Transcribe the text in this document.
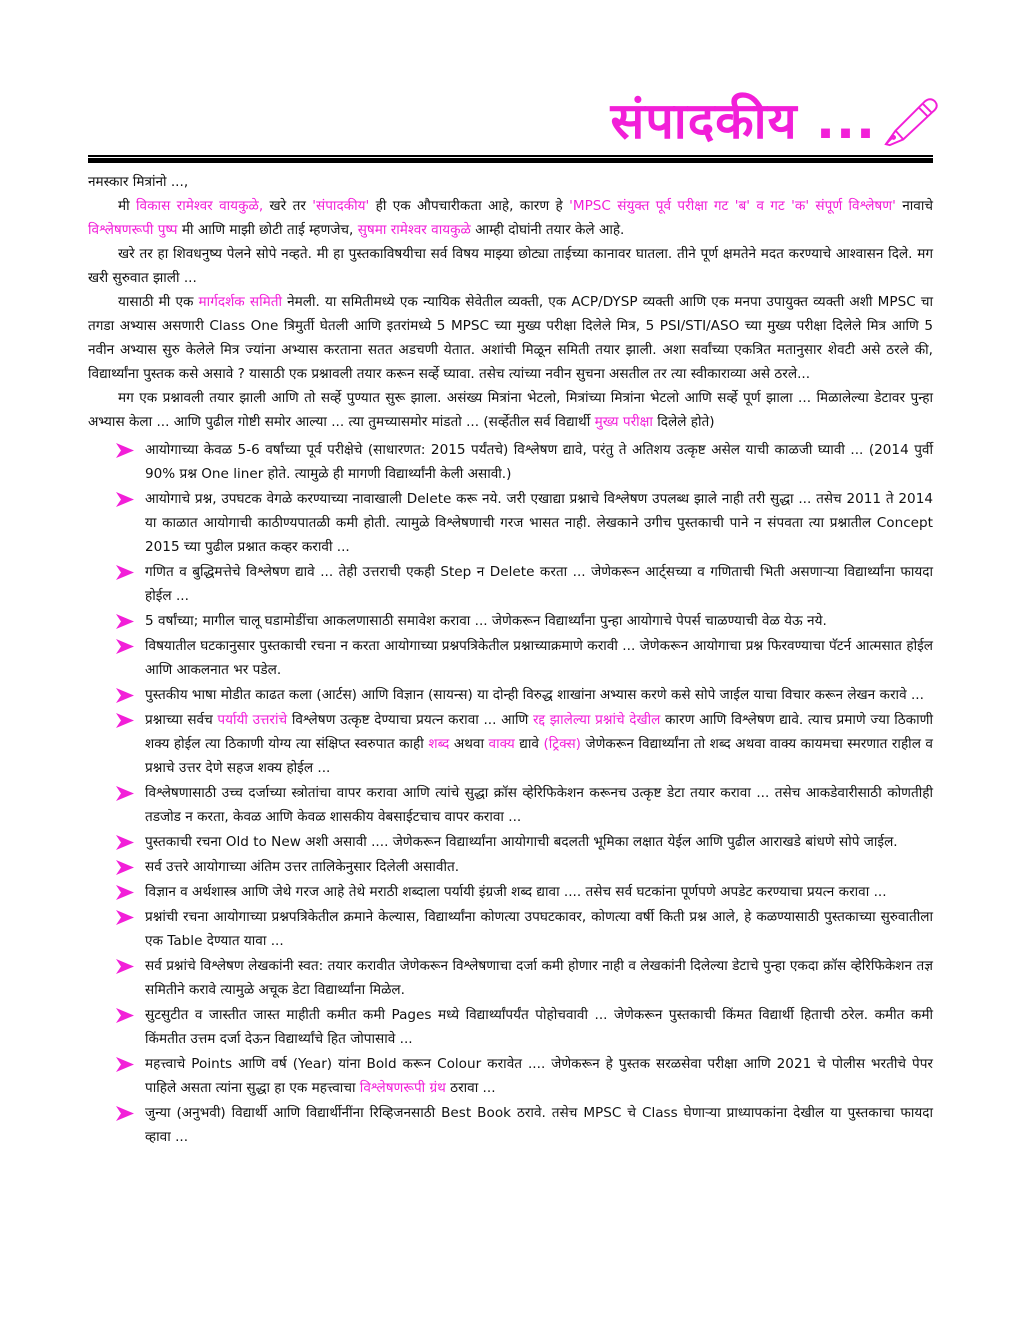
संपादकीय ...

नमस्कार मित्रांनो ...,

मी विकास रामेश्वर वायकुळे, खरे तर 'संपादकीय' ही एक औपचारीकता आहे, कारण हे 'MPSC संयुक्त पूर्व परीक्षा गट 'ब' व गट 'क' संपूर्ण विश्लेषण' नावाचे विश्लेषणरूपी पुष्प मी आणि माझी छोटी ताई म्हणजेच, सुषमा रामेश्वर वायकुळे आम्ही दोघांनी तयार केले आहे.

खरे तर हा शिवधनुष्य पेलने सोपे नव्हते. मी हा पुस्तकाविषयीचा सर्व विषय माझ्या छोट्या ताईच्या कानावर घातला. तीने पूर्ण क्षमतेने मदत करण्याचे आश्वासन दिले. मग खरी सुरुवात झाली ...

यासाठी मी एक मार्गदर्शक समिती नेमली. या समितीमध्ये एक न्यायिक सेवेतील व्यक्ती, एक ACP/DYSP व्यक्ती आणि एक मनपा उपायुक्त व्यक्ती अशी MPSC चा तगडा अभ्यास असणारी Class One त्रिमुर्ती घेतली आणि इतरांमध्ये 5 MPSC च्या मुख्य परीक्षा दिलेले मित्र, 5 PSI/STI/ASO च्या मुख्य परीक्षा दिलेले मित्र आणि 5 नवीन अभ्यास सुरु केलेले मित्र ज्यांना अभ्यास करताना सतत अडचणी येतात. अशांची मिळून समिती तयार झाली. अशा सर्वांच्या एकत्रित मतानुसार शेवटी असे ठरले की, विद्यार्थ्यांना पुस्तक कसे असावे ? यासाठी एक प्रश्नावली तयार करून सर्व्हे घ्यावा. तसेच त्यांच्या नवीन सुचना असतील तर त्या स्वीकाराव्या असे ठरले...

मग एक प्रश्नावली तयार झाली आणि तो सर्व्हे पुण्यात सुरू झाला. असंख्य मित्रांना भेटलो, मित्रांच्या मित्रांना भेटलो आणि सर्व्हे पूर्ण झाला ... मिळालेल्या डेटावर पुन्हा अभ्यास केला ... आणि पुढील गोष्टी समोर आल्या ... त्या तुमच्यासमोर मांडतो ... (सर्व्हेतील सर्व विद्यार्थी मुख्य परीक्षा दिलेले होते)

आयोगाच्या केवळ 5-6 वर्षांच्या पूर्व परीक्षेचे (साधारणत: 2015 पर्यंतचे) विश्लेषण द्यावे, परंतु ते अतिशय उत्कृष्ट असेल याची काळजी घ्यावी ... (2014 पुर्वी 90% प्रश्न One liner होते. त्यामुळे ही मागणी विद्यार्थ्यांनी केली असावी.)
आयोगाचे प्रश्न, उपघटक वेगळे करण्याच्या नावाखाली Delete करू नये. जरी एखाद्या प्रश्नाचे विश्लेषण उपलब्ध झाले नाही तरी सुद्धा ... तसेच 2011 ते 2014 या काळात आयोगाची काठीण्यपातळी कमी होती. त्यामुळे विश्लेषणाची गरज भासत नाही. लेखकाने उगीच पुस्तकाची पाने न संपवता त्या प्रश्नातील Concept 2015 च्या पुढील प्रश्नात कव्हर करावी ...
गणित व बुद्धिमत्तेचे विश्लेषण द्यावे ... तेही उत्तराची एकही Step न Delete करता ... जेणेकरून आर्ट्सच्या व गणिताची भिती असणाऱ्या विद्यार्थ्यांना फायदा होईल ...
5 वर्षांच्या; मागील चालू घडामोडींचा आकलणासाठी समावेश करावा ... जेणेकरून विद्यार्थ्यांना पुन्हा आयोगाचे पेपर्स चाळण्याची वेळ येऊ नये.
विषयातील घटकानुसार पुस्तकाची रचना न करता आयोगाच्या प्रश्नपत्रिकेतील प्रश्नाच्याक्रमाणे करावी ... जेणेकरून आयोगाचा प्रश्न फिरवण्याचा पॅटर्न आत्मसात होईल आणि आकलनात भर पडेल.
पुस्तकीय भाषा मोडीत काढत कला (आर्टस) आणि विज्ञान (सायन्स) या दोन्ही विरुद्ध शाखांना अभ्यास करणे कसे सोपे जाईल याचा विचार करून लेखन करावे ...
प्रश्नाच्या सर्वच पर्यायी उत्तरांचे विश्लेषण उत्कृष्ट देण्याचा प्रयत्न करावा ... आणि रद्द झालेल्या प्रश्नांचे देखील कारण आणि विश्लेषण द्यावे. त्याच प्रमाणे ज्या ठिकाणी शक्य होईल त्या ठिकाणी योग्य त्या संक्षिप्त स्वरुपात काही शब्द अथवा वाक्य द्यावे (ट्रिक्स) जेणेकरून विद्यार्थ्यांना तो शब्द अथवा वाक्य कायमचा स्मरणात राहील व प्रश्नाचे उत्तर देणे सहज शक्य होईल ...
विश्लेषणासाठी उच्च दर्जाच्या स्त्रोतांचा वापर करावा आणि त्यांचे सुद्धा क्रॉस व्हेरिफिकेशन करूनच उत्कृष्ट डेटा तयार करावा ... तसेच आकडेवारीसाठी कोणतीही तडजोड न करता, केवळ आणि केवळ शासकीय वेबसाईटचाच वापर करावा ...
पुस्तकाची रचना Old to New अशी असावी .... जेणेकरून विद्यार्थ्यांना आयोगाची बदलती भूमिका लक्षात येईल आणि पुढील आराखडे बांधणे सोपे जाईल.
सर्व उत्तरे आयोगाच्या अंतिम उत्तर तालिकेनुसार दिलेली असावीत.
विज्ञान व अर्थशास्त्र आणि जेथे गरज आहे तेथे मराठी शब्दाला पर्यायी इंग्रजी शब्द द्यावा .... तसेच सर्व घटकांना पूर्णपणे अपडेट करण्याचा प्रयत्न करावा ...
प्रश्नांची रचना आयोगाच्या प्रश्नपत्रिकेतील क्रमाने केल्यास, विद्यार्थ्यांना कोणत्या उपघटकावर, कोणत्या वर्षी किती प्रश्न आले, हे कळण्यासाठी पुस्तकाच्या सुरुवातीला एक Table देण्यात यावा ...
सर्व प्रश्नांचे विश्लेषण लेखकांनी स्वत: तयार करावीत जेणेकरून विश्लेषणाचा दर्जा कमी होणार नाही व लेखकांनी दिलेल्या डेटाचे पुन्हा एकदा क्रॉस व्हेरिफिकेशन तज्ञ समितीने करावे त्यामुळे अचूक डेटा विद्यार्थ्यांना मिळेल.
सुटसुटीत व जास्तीत जास्त माहीती कमीत कमी Pages मध्ये विद्यार्थ्यांपर्यंत पोहोचवावी ... जेणेकरून पुस्तकाची किंमत विद्यार्थी हिताची ठरेल. कमीत कमी किंमतीत उत्तम दर्जा देऊन विद्यार्थ्यांचे हित जोपासावे ...
महत्त्वाचे Points आणि वर्ष (Year) यांना Bold करून Colour करावेत .... जेणेकरून हे पुस्तक सरळसेवा परीक्षा आणि 2021 चे पोलीस भरतीचे पेपर पाहिले असता त्यांना सुद्धा हा एक महत्त्वाचा विश्लेषणरूपी ग्रंथ ठरावा ...
जुन्या (अनुभवी) विद्यार्थी आणि विद्यार्थीनींना रिव्हिजनसाठी Best Book ठरावे. तसेच MPSC चे Class घेणाऱ्या प्राध्यापकांना देखील या पुस्तकाचा फायदा व्हावा ...
